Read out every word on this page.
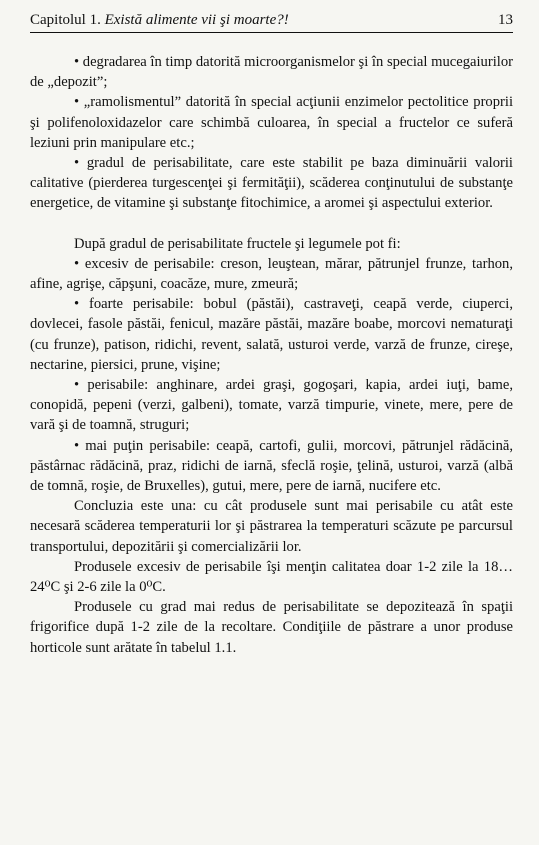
Capitolul 1. Există alimente vii şi moarte?!	13

• degradarea în timp datorită microorganismelor şi în special mucegaiurilor de „depozit”;

• „ramolismentul” datorită în special acţiunii enzimelor pectolitice proprii şi polifenoloxidazelor care schimbă culoarea, în special a fructelor ce suferă leziuni prin manipulare etc.;

• gradul de perisabilitate, care este stabilit pe baza diminuării valorii calitative (pierderea turgescenţei şi fermităţii), scăderea conţinutului de substanţe energetice, de vitamine şi substanţe fitochimice, a aromei şi aspectului exterior.

După gradul de perisabilitate fructele şi legumele pot fi:

• excesiv de perisabile: creson, leuştean, mărar, pătrunjel frunze, tarhon, afine, agrişe, căpşuni, coacăze, mure, zmeură;

• foarte perisabile: bobul (păstăi), castraveţi, ceapă verde, ciuperci, dovlecei, fasole păstăi, fenicul, mazăre păstăi, mazăre boabe, morcovi nematuraţi (cu frunze), patison, ridichi, revent, salată, usturoi verde, varză de frunze, cireşe, nectarine, piersici, prune, vişine;

• perisabile: anghinare, ardei graşi, gogoşari, kapia, ardei iuţi, bame, conopidă, pepeni (verzi, galbeni), tomate, varză timpurie, vinete, mere, pere de vară şi de toamnă, struguri;

• mai puţin perisabile: ceapă, cartofi, gulii, morcovi, pătrunjel rădăcină, păstârnac rădăcină, praz, ridichi de iarnă, sfeclă roşie, ţelină, usturoi, varză (albă de tomnă, roşie, de Bruxelles), gutui, mere, pere de iarnă, nucifere etc.

Concluzia este una: cu cât produsele sunt mai perisabile cu atât este necesară scăderea temperaturii lor şi păstrarea la temperaturi scăzute pe parcursul transportului, depozitării şi comercializării lor.

Produsele excesiv de perisabile îşi menţin calitatea doar 1-2 zile la 18…24⁰C şi 2-6 zile la 0⁰C.

Produsele cu grad mai redus de perisabilitate se depozitează în spaţii frigorifice după 1-2 zile de la recoltare. Condiţiile de păstrare a unor produse horticole sunt arătate în tabelul 1.1.
